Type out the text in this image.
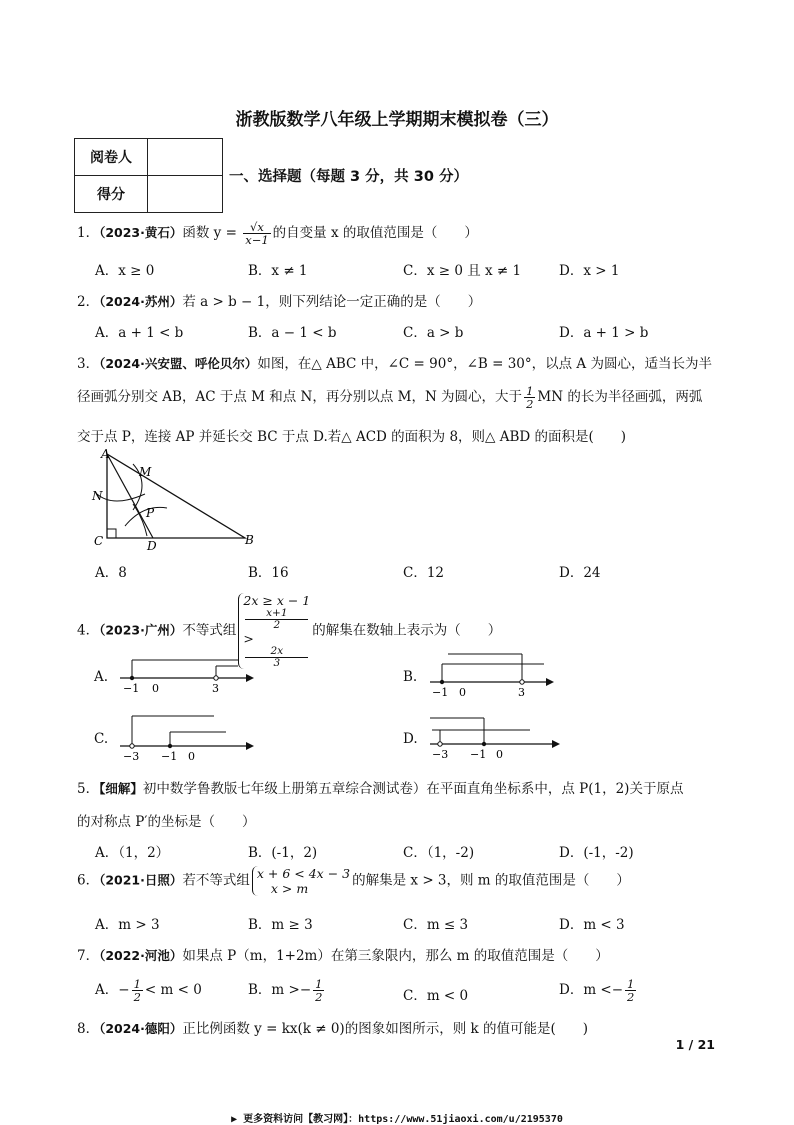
浙教版数学八年级上学期期末模拟卷（三）
阅卷人	
得分	
一、选择题（每题 3 分，共 30 分）
1．（2023·黄石）函数 $y = \frac{√x}{x-1}$ 的自变量 x 的取值范围是（　　）
A．x ≥ 0	B．x ≠ 1	C．x ≥ 0 且 x ≠ 1	D．x > 1
2．（2024·苏州）若 a > b − 1，则下列结论一定正确的是（　　）
A．a + 1 < b	B．a − 1 < b	C．a > b	D．a + 1 > b
3．（2024·兴安盟、呼伦贝尔）如图，在△ ABC 中，∠C = 90°，∠B = 30°，以点 A 为圆心，适当长为半
径画弧分别交 AB，AC 于点 M 和点 N，再分别以点 M，N 为圆心，大于 $\frac{1}{2}$ MN 的长为半径画弧，两弧
交于点 P，连接 AP 并延长交 BC 于点 D.若△ ACD 的面积为 8，则△ ABD 的面积是(　　)
A
B
C	D
M
N
P
A．8	B．16	C．12	D．24
4．（2023·广州）不等式组
2x ≥ x − 1
x+1
2
>
2x
3
的解集在数轴上表示为（　　）
A.
−1 0	3
B.
−1 0	3
C.
−3 −1 0
D.
−3 −1 0
5．【细解】初中数学鲁教版七年级上册第五章综合测试卷）在平面直角坐标系中，点 P(1，2)关于原点
的对称点 P′的坐标是（　　）
A．（1，2）	B．(-1，2)	C．（1，-2)	D．(-1，-2)
6．（2021·日照）若不等式组 x + 6 < 4x − 3
x > m	的解集是 x > 3，则 m 的取值范围是（　　）
A．m > 3	B．m ≥ 3	C．m ≤ 3	D．m < 3
7．（2022·河池）如果点 P（m，1+2m）在第三象限内，那么 m 的取值范围是（　　）
A．− $\frac{1}{2} < m < 0$	B．$m >- \frac{1}{2}$	C．m < 0	D．$m <- \frac{1}{2}$
8．（2024·德阳）正比例函数 y = kx(k ≠ 0)的图象如图所示，则 k 的值可能是(　　)
1 / 21
▶ 更多资料访问【教习网】：https://www.51jiaoxi.com/u/2195370
